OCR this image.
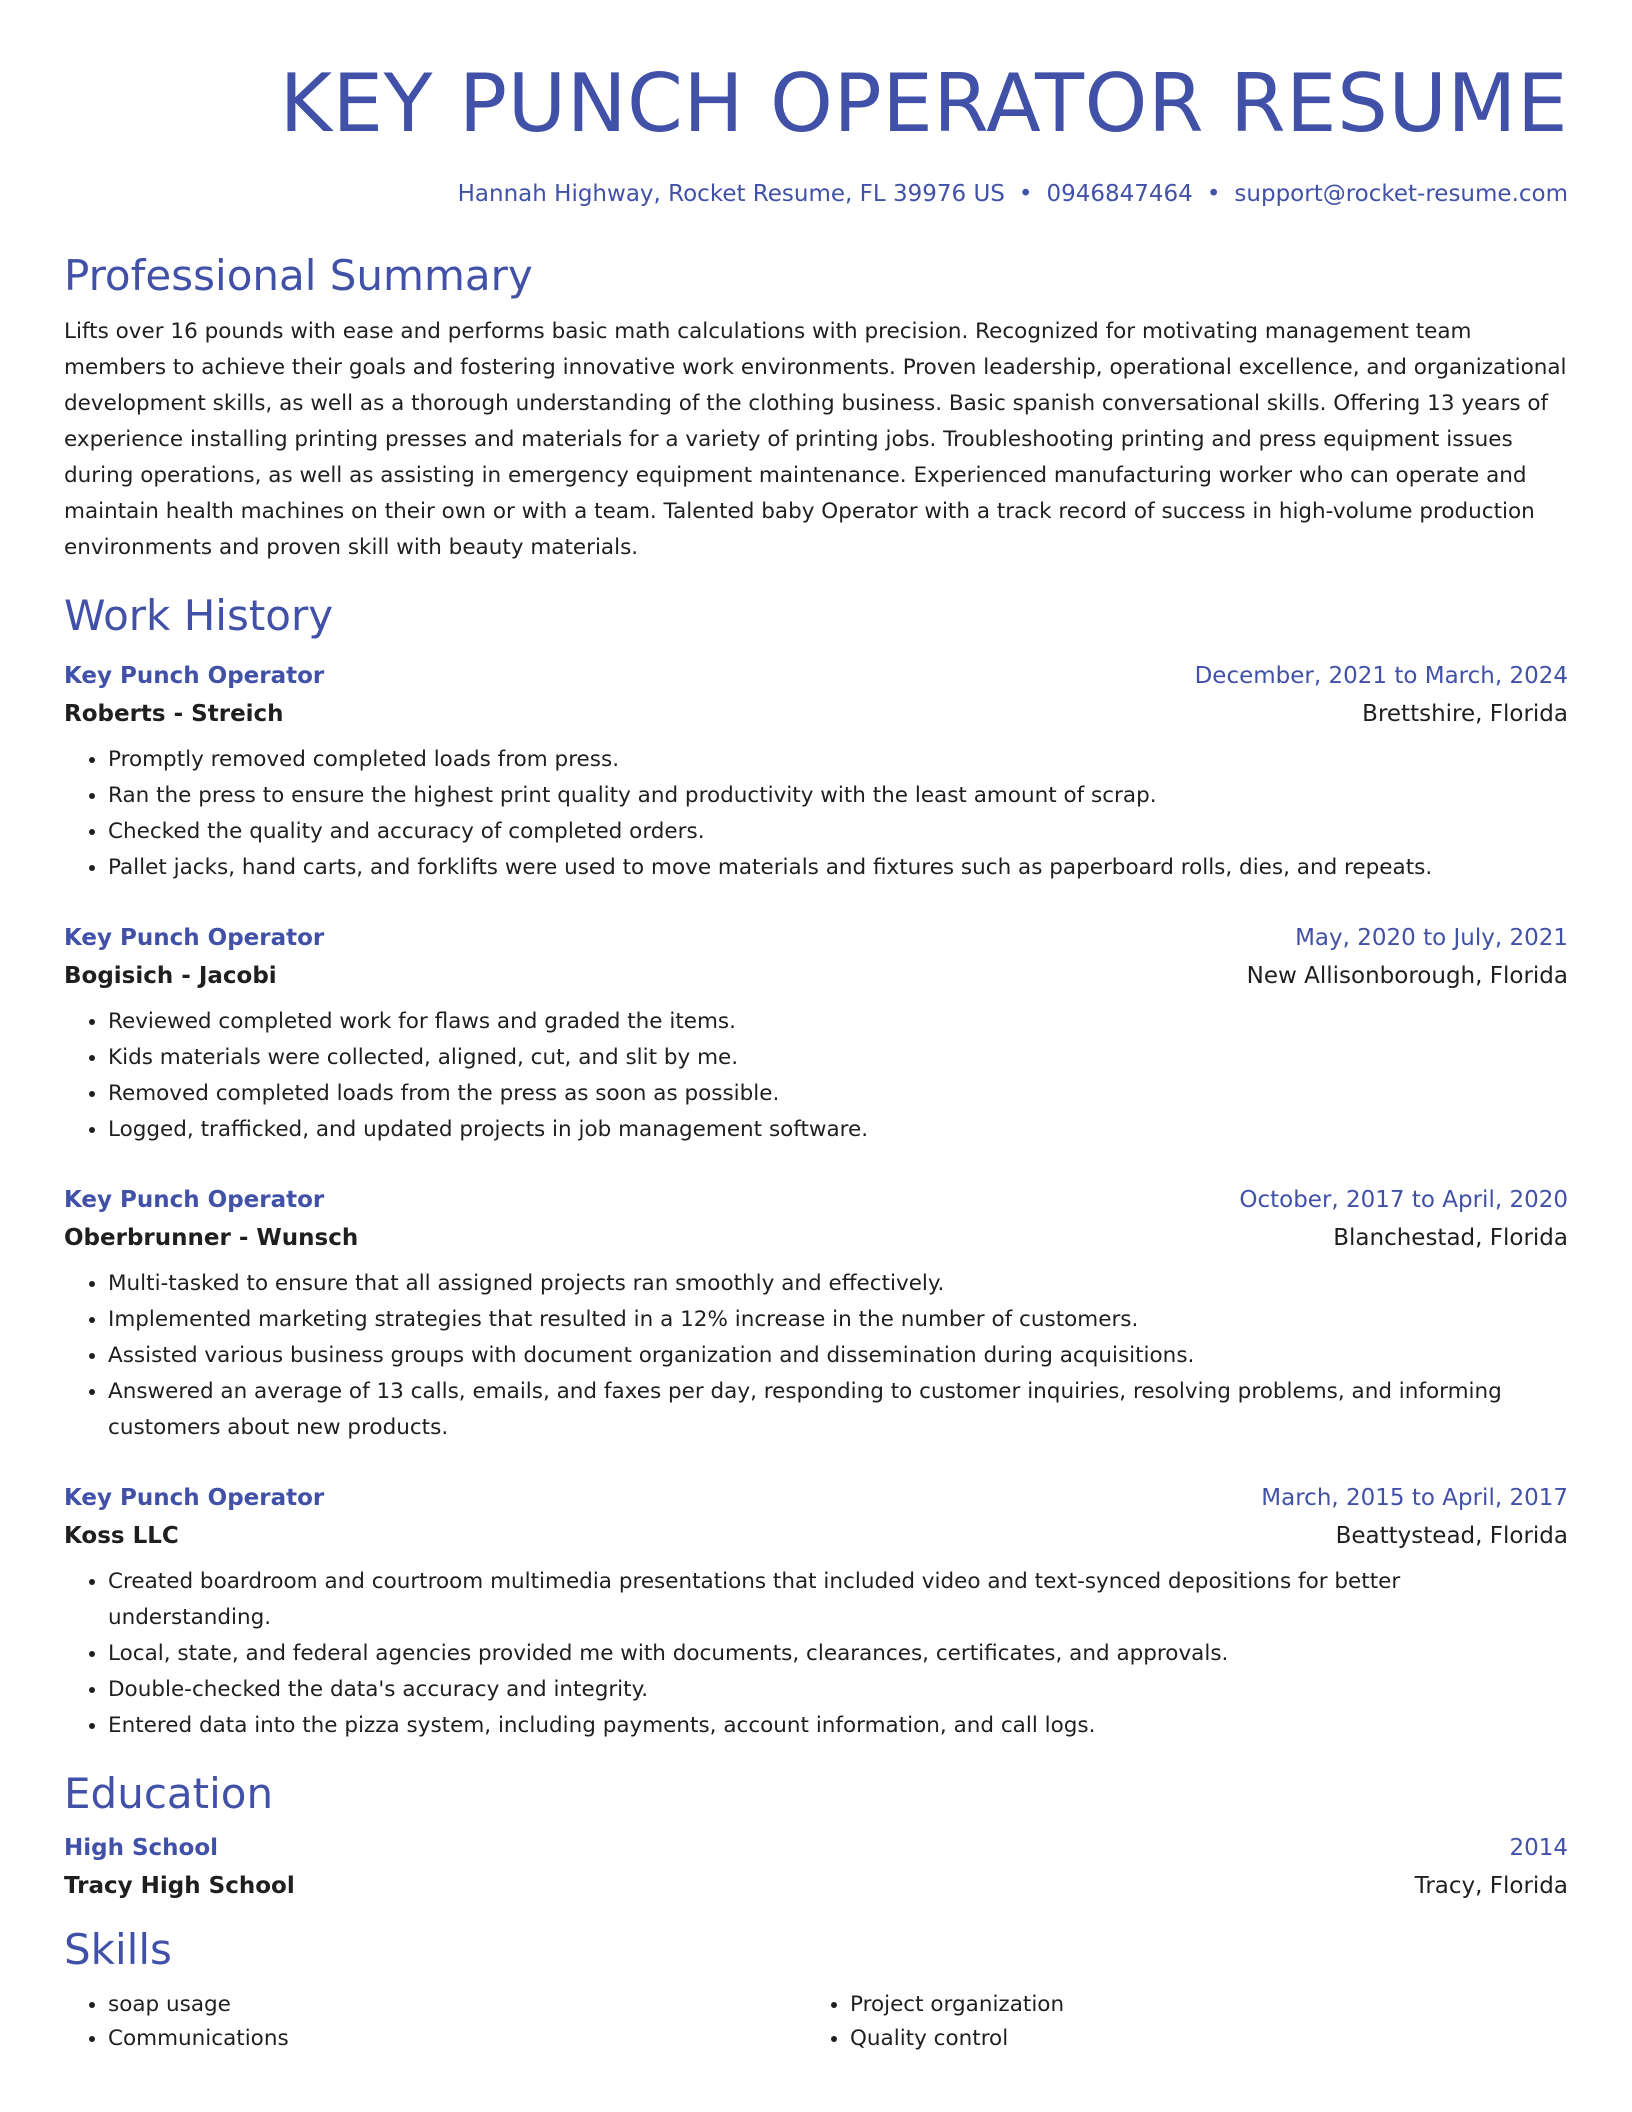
KEY PUNCH OPERATOR RESUME
Hannah Highway, Rocket Resume, FL 39976 US • 0946847464 • support@rocket-resume.com
Professional Summary

Lifts over 16 pounds with ease and performs basic math calculations with precision. Recognized for motivating management team members to achieve their goals and fostering innovative work environments. Proven leadership, operational excellence, and organizational development skills, as well as a thorough understanding of the clothing business. Basic spanish conversational skills. Offering 13 years of experience installing printing presses and materials for a variety of printing jobs. Troubleshooting printing and press equipment issues during operations, as well as assisting in emergency equipment maintenance. Experienced manufacturing worker who can operate and maintain health machines on their own or with a team. Talented baby Operator with a track record of success in high-volume production environments and proven skill with beauty materials.

Work History
Key Punch Operator	December, 2021 to March, 2024
Roberts - Streich	Brettshire, Florida
• Promptly removed completed loads from press.
• Ran the press to ensure the highest print quality and productivity with the least amount of scrap.
• Checked the quality and accuracy of completed orders.
• Pallet jacks, hand carts, and forklifts were used to move materials and fixtures such as paperboard rolls, dies, and repeats.
Key Punch Operator	May, 2020 to July, 2021
Bogisich - Jacobi	New Allisonborough, Florida
• Reviewed completed work for flaws and graded the items.
• Kids materials were collected, aligned, cut, and slit by me.
• Removed completed loads from the press as soon as possible.
• Logged, trafficked, and updated projects in job management software.
Key Punch Operator	October, 2017 to April, 2020
Oberbrunner - Wunsch	Blanchestad, Florida
• Multi-tasked to ensure that all assigned projects ran smoothly and effectively.
• Implemented marketing strategies that resulted in a 12% increase in the number of customers.
• Assisted various business groups with document organization and dissemination during acquisitions.
• Answered an average of 13 calls, emails, and faxes per day, responding to customer inquiries, resolving problems, and informing customers about new products.
Key Punch Operator	March, 2015 to April, 2017
Koss LLC	Beattystead, Florida
• Created boardroom and courtroom multimedia presentations that included video and text-synced depositions for better understanding.
• Local, state, and federal agencies provided me with documents, clearances, certificates, and approvals.
• Double-checked the data's accuracy and integrity.
• Entered data into the pizza system, including payments, account information, and call logs.
Education
High School	2014
Tracy High School	Tracy, Florida
Skills
• soap usage
• Communications
• Project organization
• Quality control
